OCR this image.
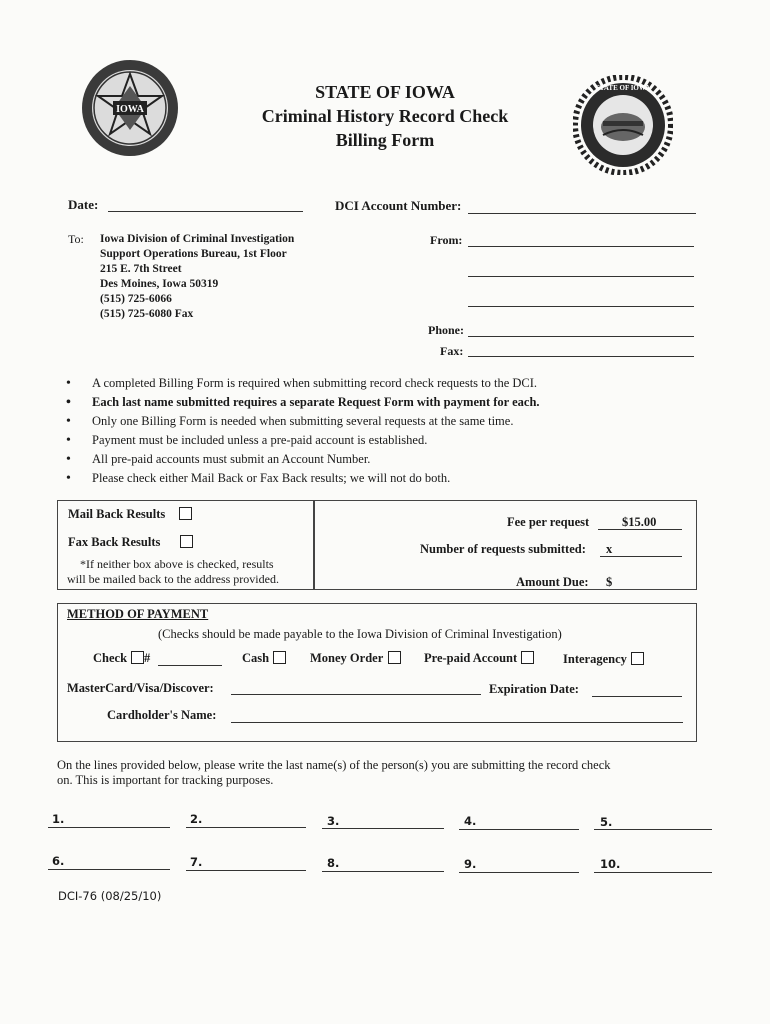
IOWA
STATE OF IOWA
STATE OF IOWA
Criminal History Record Check
Billing Form
Date:	DCI Account Number:
To: Iowa Division of Criminal Investigation
Support Operations Bureau, 1st Floor
215 E. 7th Street
Des Moines, Iowa 50319
(515) 725-6066
(515) 725-6080 Fax
From:
Phone:
Fax:
• A completed Billing Form is required when submitting record check requests to the DCI.
• Each last name submitted requires a separate Request Form with payment for each.
• Only one Billing Form is needed when submitting several requests at the same time.
• Payment must be included unless a pre-paid account is established.
• All pre-paid accounts must submit an Account Number.
• Please check either Mail Back or Fax Back results; we will not do both.
Mail Back Results
Fax Back Results
*If neither box above is checked, results
will be mailed back to the address provided.
Fee per request	$15.00
Number of requests submitted: x
Amount Due: $
METHOD OF PAYMENT
(Checks should be made payable to the Iowa Division of Criminal Investigation)
Check #	Cash	Money Order	Pre-paid Account	Interagency
MasterCard/Visa/Discover:	Expiration Date:
Cardholder's Name:
On the lines provided below, please write the last name(s) of the person(s) you are submitting the record check
on. This is important for tracking purposes.
1.	2.	3.	4.	5.
6.	7.	8.	9.	10.
DCI-76 (08/25/10)
